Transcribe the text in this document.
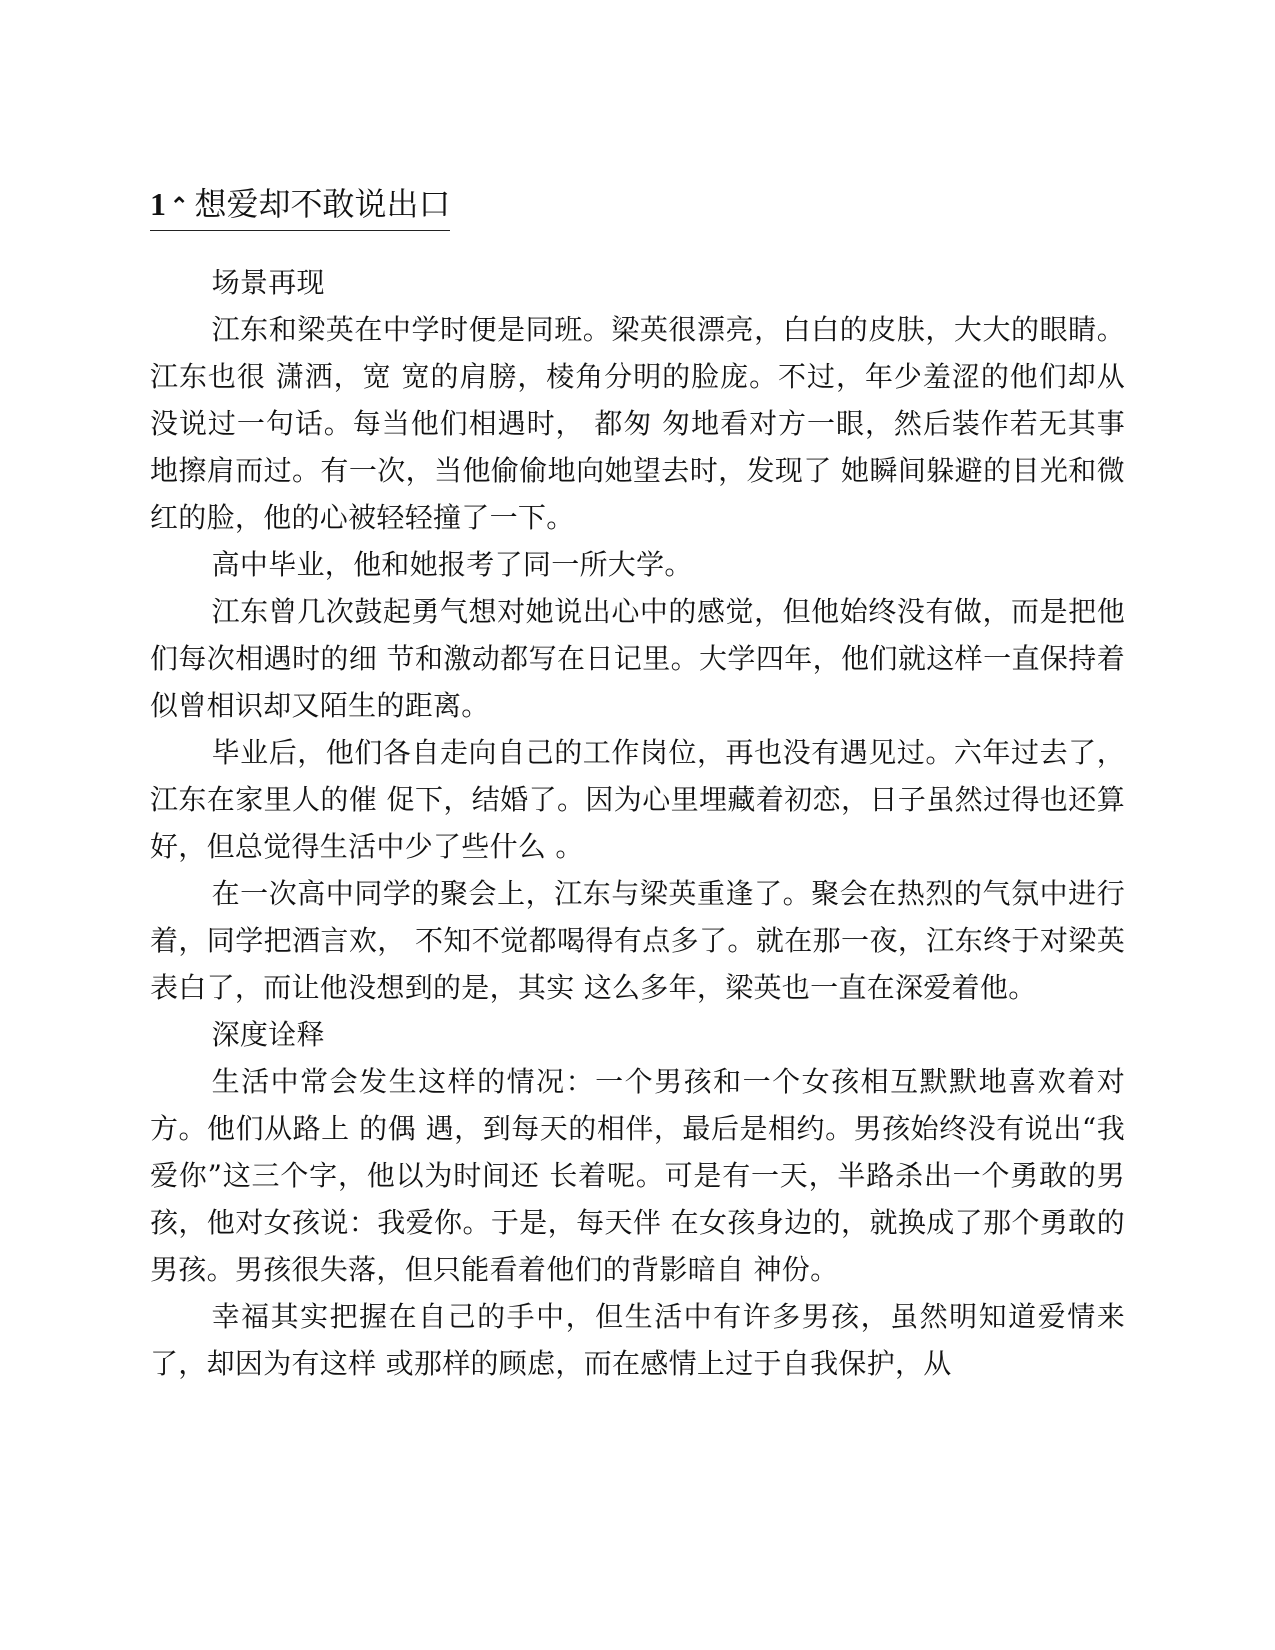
1 ⌃ 想爱却不敢说出口

场景再现

江东和梁英在中学时便是同班。梁英很漂亮，白白的皮肤，大大的眼睛。江东也很 潇洒，宽 宽的肩膀，棱角分明的脸庞。不过，年少羞涩的他们却从没说过一句话。每当他们相遇时， 都匆 匆地看对方一眼，然后装作若无其事地擦肩而过。有一次，当他偷偷地向她望去时，发现了 她瞬间躲避的目光和微红的脸，他的心被轻轻撞了一下。

高中毕业，他和她报考了同一所大学。

江东曾几次鼓起勇气想对她说出心中的感觉，但他始终没有做，而是把他们每次相遇时的细 节和激动都写在日记里。大学四年，他们就这样一直保持着似曾相识却又陌生的距离。

毕业后，他们各自走向自己的工作岗位，再也没有遇见过。六年过去了，江东在家里人的催 促下，结婚了。因为心里埋藏着初恋，日子虽然过得也还算好，但总觉得生活中少了些什么 。

在一次高中同学的聚会上，江东与梁英重逢了。聚会在热烈的气氛中进行着，同学把酒言欢， 不知不觉都喝得有点多了。就在那一夜，江东终于对梁英表白了，而让他没想到的是，其实 这么多年，梁英也一直在深爱着他。

深度诠释

生活中常会发生这样的情况：一个男孩和一个女孩相互默默地喜欢着对方。他们从路上 的偶 遇，到每天的相伴，最后是相约。男孩始终没有说出“我爱你”这三个字，他以为时间还 长着呢。可是有一天，半路杀出一个勇敢的男孩，他对女孩说：我爱你。于是，每天伴 在女孩身边的，就换成了那个勇敢的男孩。男孩很失落，但只能看着他们的背影暗自 神份。

幸福其实把握在自己的手中，但生活中有许多男孩，虽然明知道爱情来了，却因为有这样 或那样的顾虑，而在感情上过于自我保护，从
